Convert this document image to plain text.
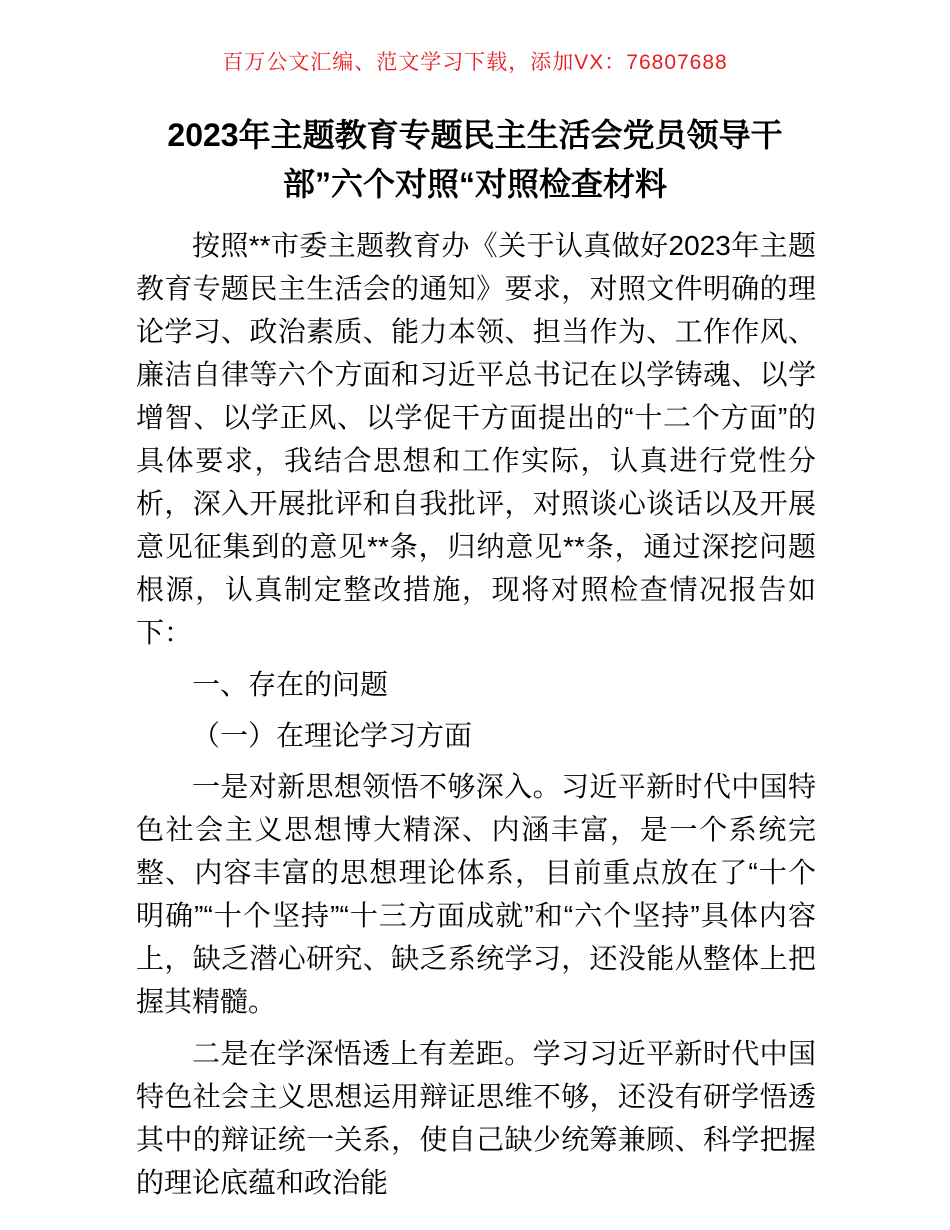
百万公文汇编、范文学习下载，添加VX：76807688
2023年主题教育专题民主生活会党员领导干
部”六个对照“对照检查材料

按照**市委主题教育办《关于认真做好2023年主题教育专题民主生活会的通知》要求，对照文件明确的理论学习、政治素质、能力本领、担当作为、工作作风、廉洁自律等六个方面和习近平总书记在以学铸魂、以学增智、以学正风、以学促干方面提出的“十二个方面”的具体要求，我结合思想和工作实际，认真进行党性分析，深入开展批评和自我批评，对照谈心谈话以及开展意见征集到的意见**条，归纳意见**条，通过深挖问题根源，认真制定整改措施，现将对照检查情况报告如下：

一、存在的问题

（一）在理论学习方面

一是对新思想领悟不够深入。习近平新时代中国特色社会主义思想博大精深、内涵丰富，是一个系统完整、内容丰富的思想理论体系，目前重点放在了“十个明确”“十个坚持”“十三方面成就”和“六个坚持”具体内容上，缺乏潜心研究、缺乏系统学习，还没能从整体上把握其精髓。

二是在学深悟透上有差距。学习习近平新时代中国特色社会主义思想运用辩证思维不够，还没有研学悟透其中的辩证统一关系，使自己缺少统筹兼顾、科学把握的理论底蕴和政治能
